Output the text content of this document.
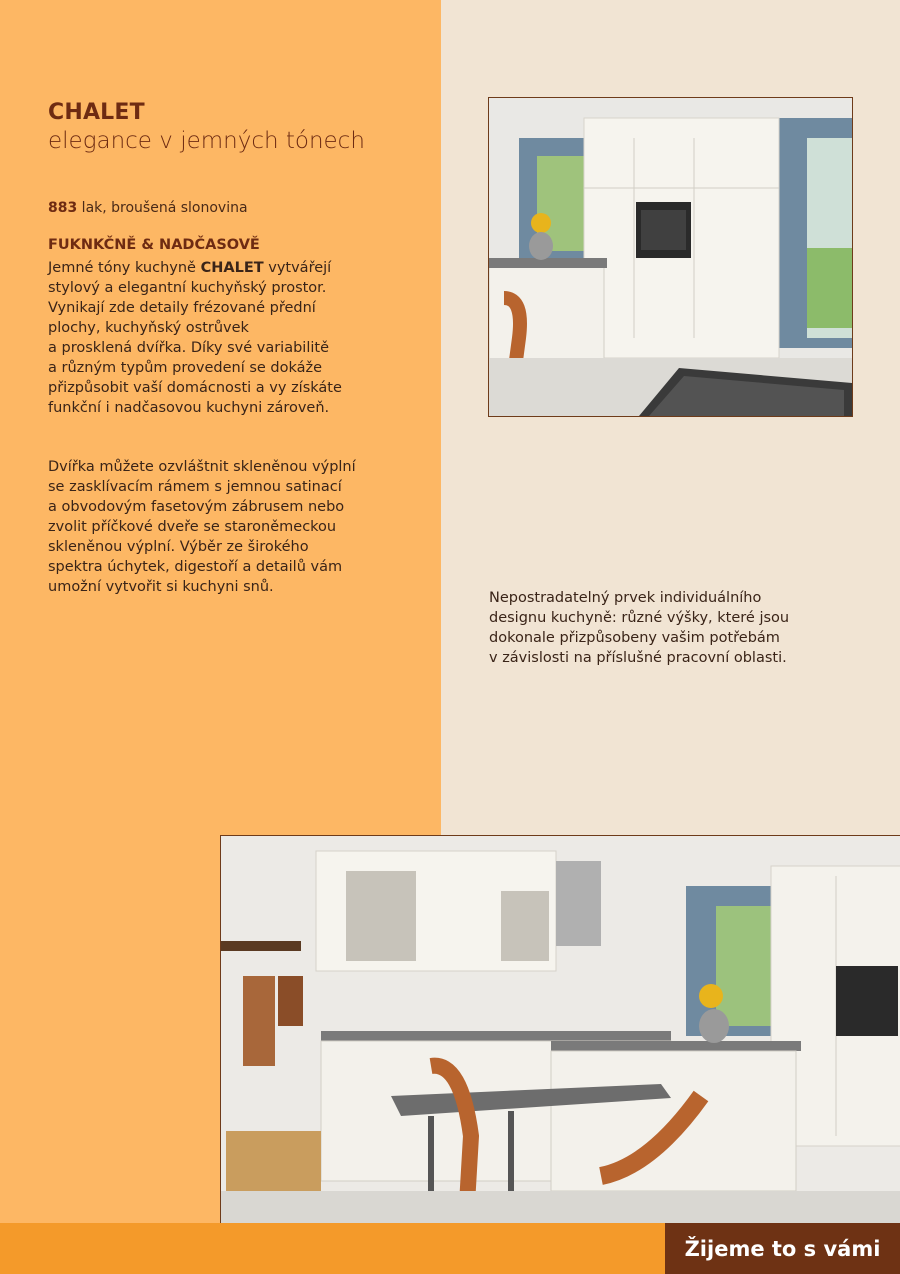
CHALET
elegance v jemných tónech
883 lak, broušená slonovina
FUKNKČNĚ & NADČASOVĚ
Jemné tóny kuchyně CHALET vytvářejí
stylový a elegantní kuchyňský prostor.
Vynikají zde detaily frézované přední
plochy, kuchyňský ostrůvek
a prosklená dvířka. Díky své variabilitě
a různým typům provedení se dokáže
přizpůsobit vaší domácnosti a vy získáte
funkční i nadčasovou kuchyni zároveň.
Dvířka můžete ozvláštnit skleněnou výplní
se zasklívacím rámem s jemnou satinací
a obvodovým fasetovým zábrusem nebo
zvolit příčkové dveře se staroněmeckou
skleněnou výplní. Výběr ze širokého
spektra úchytek, digestoří a detailů vám
umožní vytvořit si kuchyni snů.
Nepostradatelný prvek individuálního
designu kuchyně: různé výšky, které jsou
dokonale přizpůsobeny vašim potřebám
v závislosti na příslušné pracovní oblasti.
Žijeme to s vámi
